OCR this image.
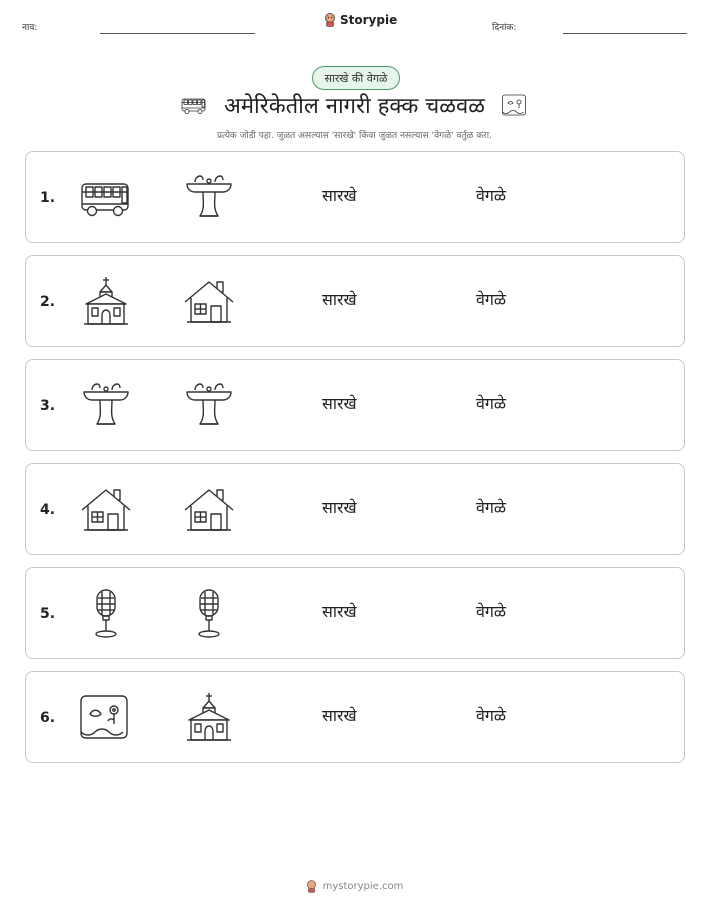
नाव:
Storypie
दिनांक:
सारखे की वेगळे
अमेरिकेतील नागरी हक्क चळवळ
प्रत्येक जोडी पहा. जुळत असल्यास 'सारखे' किंवा जुळत नसल्यास 'वेगळे' वर्तुळ करा.
1.	सारखे	वेगळे
2.	सारखे	वेगळे
3.	सारखे	वेगळे
4.	सारखे	वेगळे
5.	सारखे	वेगळे
6.	सारखे	वेगळे
mystorypie.com
